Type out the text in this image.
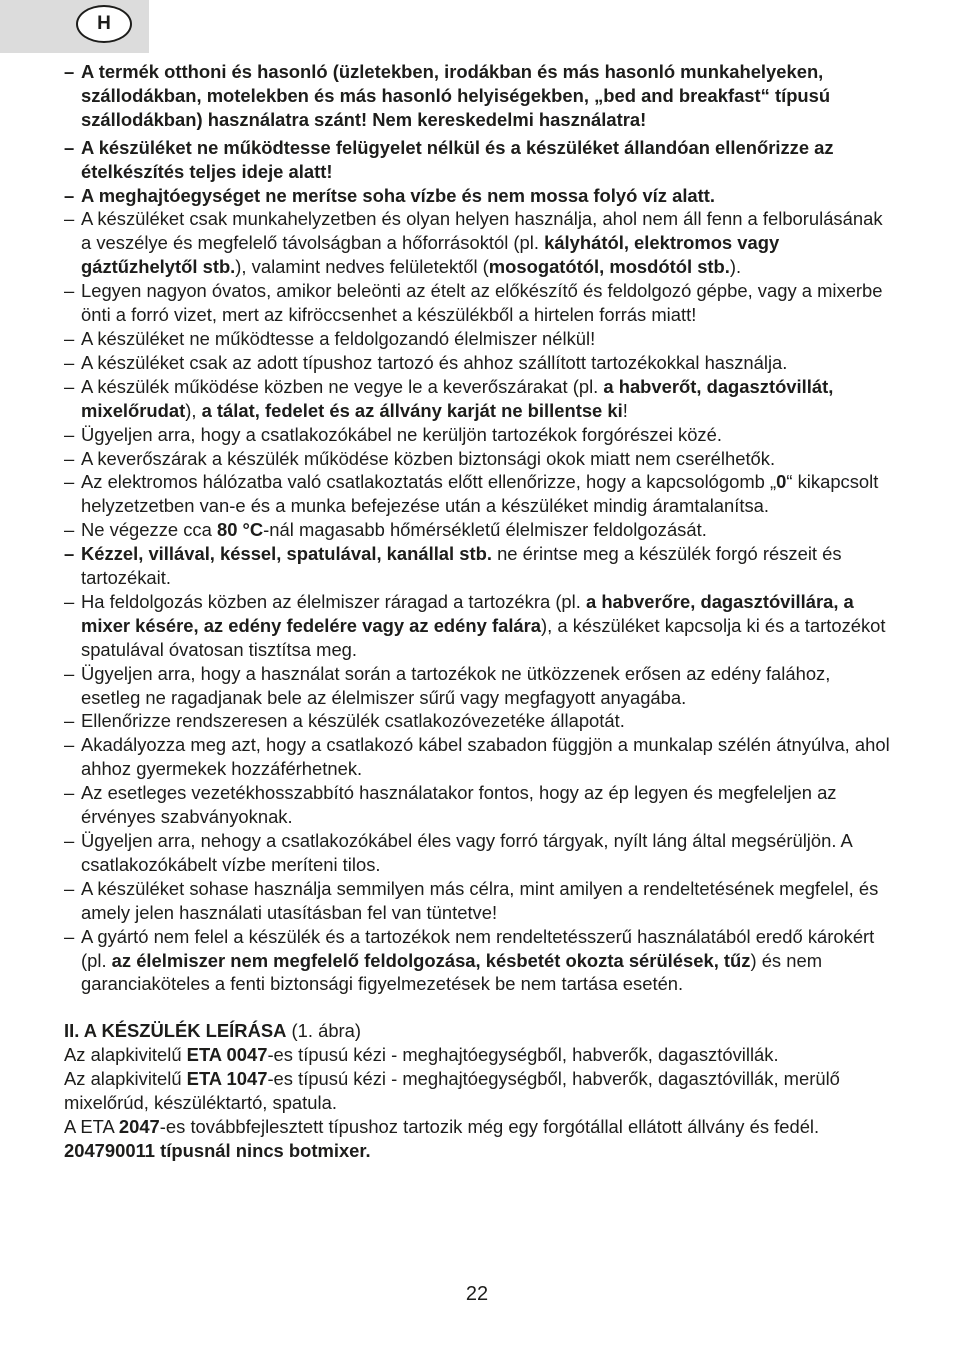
H
– A termék otthoni és hasonló (üzletekben, irodákban és más hasonló munkahelyeken, szállodákban, motelekben és más hasonló helyiségekben, „bed and breakfast“ típusú szállodákban) használatra szánt! Nem kereskedelmi használatra!
– A készüléket ne működtesse felügyelet nélkül és a készüléket állandóan ellenőrizze az ételkészítés teljes ideje alatt!
– A meghajtóegységet ne merítse soha vízbe és nem mossa folyó víz alatt.
– A készüléket csak munkahelyzetben és olyan helyen használja, ahol nem áll fenn a felborulásának a veszélye és megfelelő távolságban a hőforrásoktól (pl. kályhától, elektromos vagy gáztűzhelytől stb.), valamint nedves felületektől (mosogatótól, mosdótól stb.).
– Legyen nagyon óvatos, amikor beleönti az ételt az előkészítő és feldolgozó gépbe, vagy a mixerbe önti a forró vizet, mert az kifröccsenhet a készülékből a hirtelen forrás miatt!
– A készüléket ne működtesse a feldolgozandó élelmiszer nélkül!
– A készüléket csak az adott típushoz tartozó és ahhoz szállított tartozékokkal használja.
– A készülék működése közben ne vegye le a keverőszárakat (pl. a habverőt, dagasztóvillát, mixelőrudat), a tálat, fedelet és az állvány karját ne billentse ki!
– Ügyeljen arra, hogy a csatlakozókábel ne kerüljön tartozékok forgórészei közé.
– A keverőszárak a készülék működése közben biztonsági okok miatt nem cserélhetők.
– Az elektromos hálózatba való csatlakoztatás előtt ellenőrizze, hogy a kapcsológomb „0“ kikapcsolt helyzetzetben van-e és a munka befejezése után a készüléket mindig áramtalanítsa.
– Ne végezze cca 80 °C-nál magasabb hőmérsékletű élelmiszer feldolgozását.
– Kézzel, villával, késsel, spatulával, kanállal stb. ne érintse meg a készülék forgó részeit és tartozékait.
– Ha feldolgozás közben az élelmiszer ráragad a tartozékra (pl. a habverőre, dagasztóvillára, a mixer késére, az edény fedelére vagy az edény falára), a készüléket kapcsolja ki és a tartozékot spatulával óvatosan tisztítsa meg.
– Ügyeljen arra, hogy a használat során a tartozékok ne ütközzenek erősen az edény falához, esetleg ne ragadjanak bele az élelmiszer sűrű vagy megfagyott anyagába.
– Ellenőrizze rendszeresen a készülék csatlakozóvezetéke állapotát.
– Akadályozza meg azt, hogy a csatlakozó kábel szabadon függjön a munkalap szélén átnyúlva, ahol ahhoz gyermekek hozzáférhetnek.
– Az esetleges vezetékhosszabbító használatakor fontos, hogy az ép legyen és megfeleljen az érvényes szabványoknak.
– Ügyeljen arra, nehogy a csatlakozókábel éles vagy forró tárgyak, nyílt láng által megsérüljön. A csatlakozókábelt vízbe meríteni tilos.
– A készüléket sohase használja semmilyen más célra, mint amilyen a rendeltetésének megfelel, és amely jelen használati utasításban fel van tüntetve!
– A gyártó nem felel a készülék és a tartozékok nem rendeltetésszerű használatából eredő károkért (pl. az élelmiszer nem megfelelő feldolgozása, késbetét okozta sérülések, tűz) és nem garanciaköteles a fenti biztonsági figyelmezetések be nem tartása esetén.
II. A KÉSZÜLÉK LEÍRÁSA (1. ábra)
Az alapkivitelű ETA 0047-es típusú kézi - meghajtóegységből, habverők, dagasztóvillák.
Az alapkivitelű ETA 1047-es típusú kézi - meghajtóegységből, habverők, dagasztóvillák, merülő mixelőrúd, készüléktartó, spatula.
A ETA 2047-es továbbfejlesztett típushoz tartozik még egy forgótállal ellátott állvány és fedél. 204790011 típusnál nincs botmixer.
22
